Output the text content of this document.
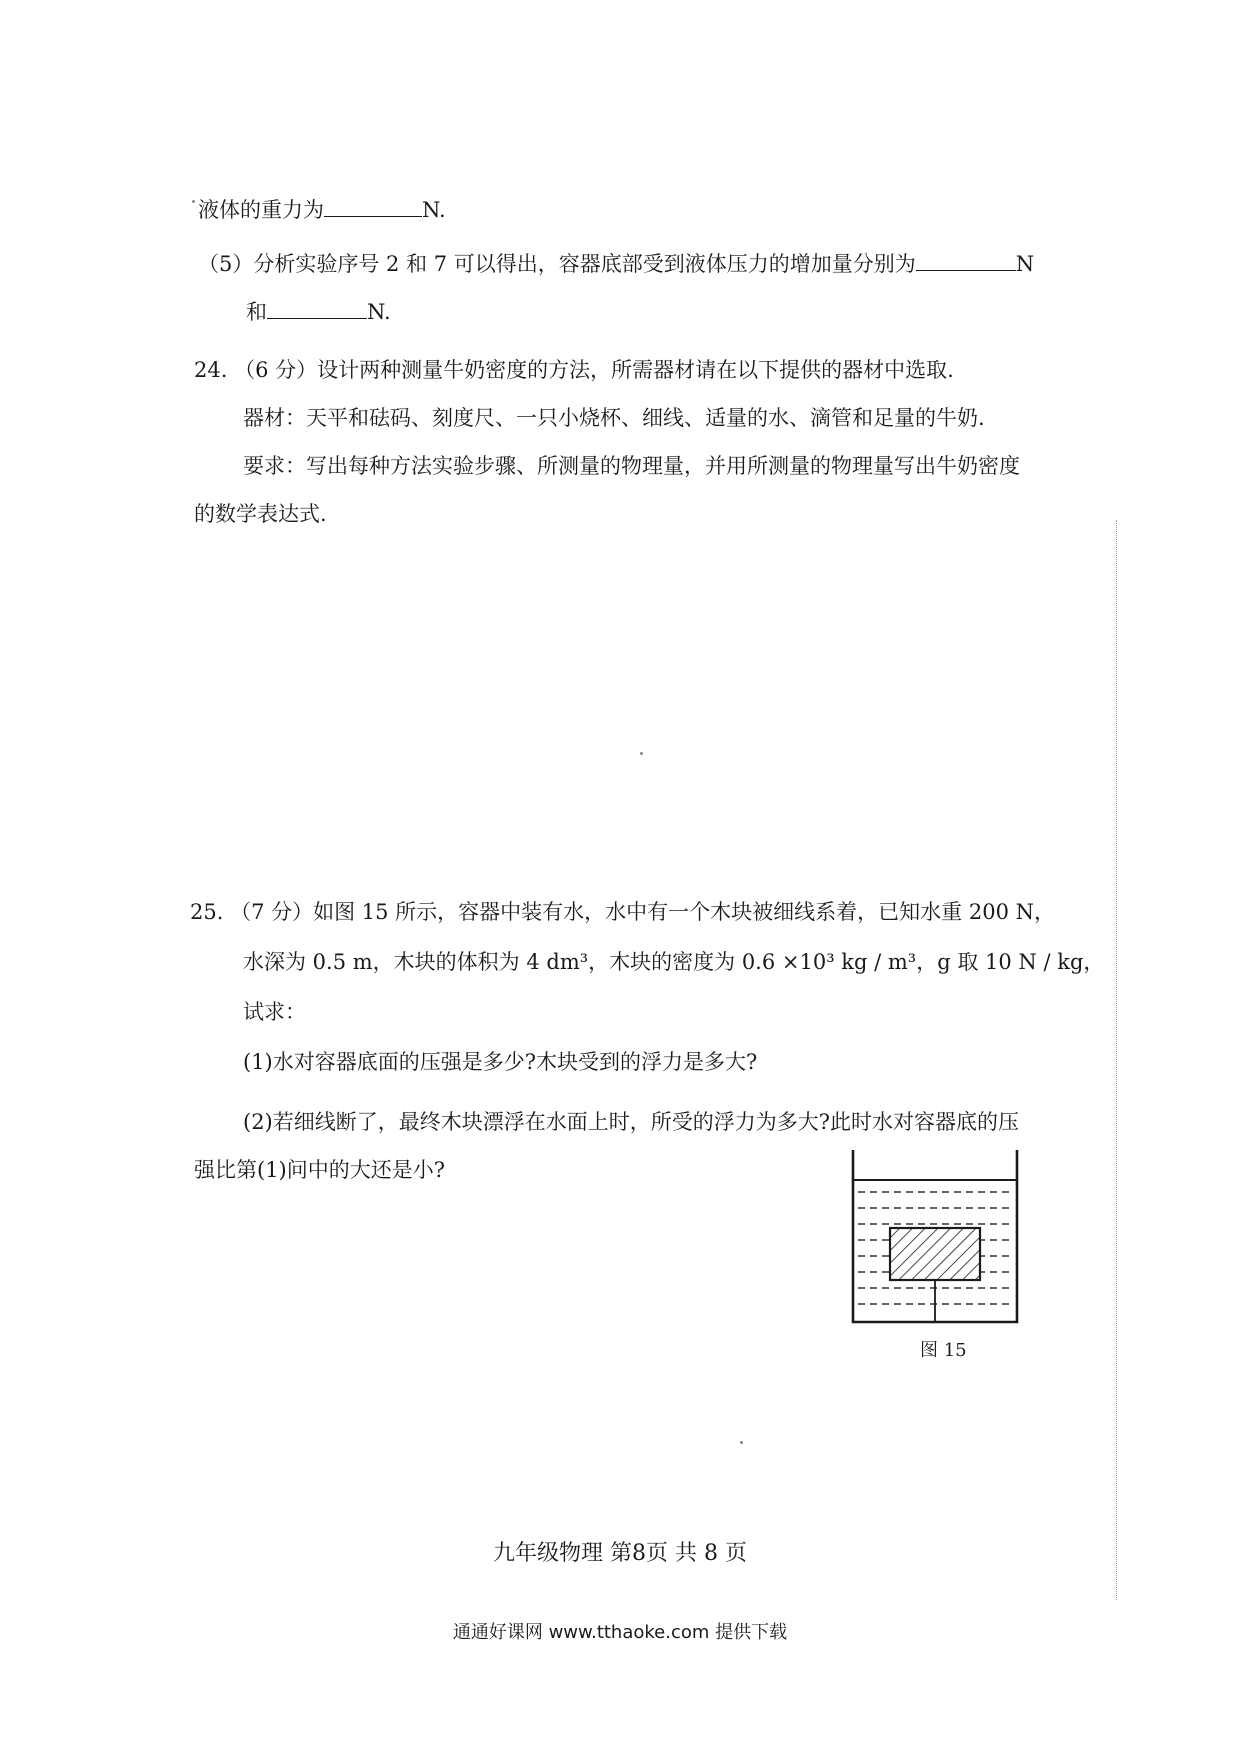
液体的重力为	N.
（5）分析实验序号 2 和 7 可以得出，容器底部受到液体压力的增加量分别为	N
和	N.
24. （6 分）设计两种测量牛奶密度的方法，所需器材请在以下提供的器材中选取.
器材：天平和砝码、刻度尺、一只小烧杯、细线、适量的水、滴管和足量的牛奶.
要求：写出每种方法实验步骤、所测量的物理量，并用所测量的物理量写出牛奶密度
的数学表达式.
25. （7 分）如图 15 所示，容器中装有水，水中有一个木块被细线系着，已知水重 200 N，
水深为 0.5 m，木块的体积为 4 dm³，木块的密度为 0.6 ×10³ kg / m³，g 取 10 N / kg，
试求：
(1)水对容器底面的压强是多少?木块受到的浮力是多大?
(2)若细线断了，最终木块漂浮在水面上时，所受的浮力为多大?此时水对容器底的压
强比第(1)问中的大还是小?
图 15
九年级物理 第8页 共 8 页
通通好课网 www.tthaoke.com 提供下载
